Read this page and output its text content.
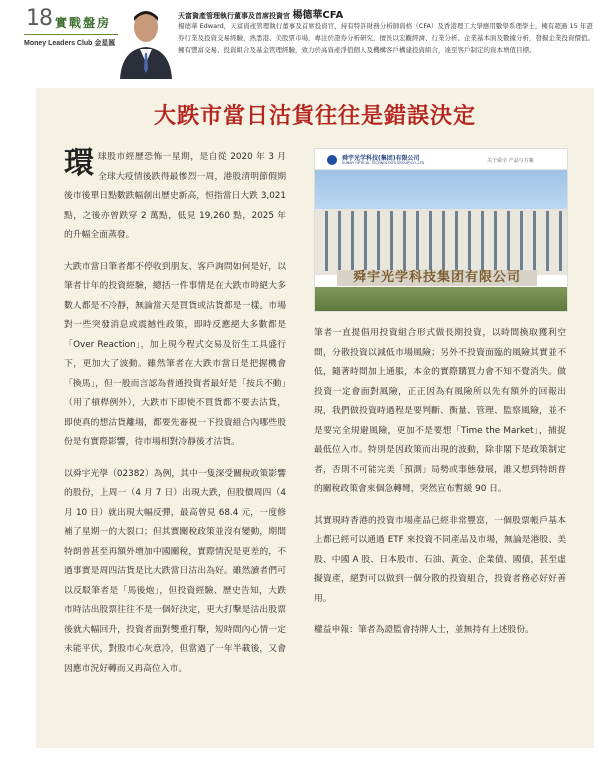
18 實戰盤房
Money Leaders Club 金星匯
天富資產管理執行董事及首席投資官 楊德華CFA
楊德華 Edward，天富資產管理執行董事及首席投資官，持有特許財務分析師資格（CFA）及香港理工大學應用數學系理學士，擁有超過 15 年證券行業及投資交易經驗，熟悉港、美股票市場，專注於證券分析研究，擅長以宏觀經濟、行業分析、企業基本面及數據分析，發掘企業投資價值。擁有豐富交易、投資組合及基金管理經驗，致力於高資產淨值個人及機構客戶構建投資組合，達至客戶制定的資本增值目標。
大跌市當日沽貨往往是錯誤決定

環 球股市經歷恐怖一星期，是自從 2020 年 3 月全球大疫情後跌得最慘烈一周，港股清明節假期後市後單日點數跌幅創出歷史新高，恒指當日大跌 3,021 點，之後亦曾跌穿 2 萬點，低見 19,260 點，2025 年的升幅全面蒸發。

大跌市當日筆者都不停收到朋友、客戶詢問如何是好，以筆者廿年的投資經驗，總括一件事情是在大跌市時絕大多數人都是不冷靜，無論當天是買貨或沽貨都是一樣。市場對一些突發消息或震撼性政策，即時反應絕大多數都是「Over Reaction」，加上現今程式交易及衍生工具盛行下，更加大了波動。雖然筆者在大跌市當日是把握機會「換馬」，但一般而言認為普通投資者最好是「按兵不動」（用了槓桿例外），大跌市下即使不買貨都不要去沽貨，即使真的想沽貨離場，都要先審視一下投資組合內哪些股份是有實際影響，待市場相對冷靜後才沽貨。

以舜宇光學（02382）為例，其中一隻深受關稅政策影響的股份，上周一（4 月 7 日）出現大跌，但股價周四（4 月 10 日）就出現大幅反彈，最高曾見 68.4 元，一度修補了星期一的大裂口；但其實關稅政策並沒有變動，期間特朗普甚至再額外增加中國關稅，實際情況是更差的，不過事實是周四沽貨是比大跌當日沽出為好。雖然讀者們可以反駁筆者是「馬後炮」，但投資經驗、歷史告知，大跌市時沽出股票往往不是一個好決定，更大打擊是沽出股票後就大幅回升，投資者面對雙重打擊，短時間內心情一定未能平伏，對股市心灰意冷，但當過了一年半載後，又會因應市況好轉而又再高位入市。

舜宇光学科技(集团)有限公司
SUNNY OPTICAL TECHNOLOGY(GROUP)CO.,LTD	关于舜宇 产品与方案
舜宇光学科技集团有限公司

筆者一直提倡用投資組合形式做長期投資，以時間換取獲利空間，分散投資以減低市場風險；另外不投資面臨的風險其實並不低，隨著時間加上通脹，本金的實際購買力會不知不覺消失。做投資一定會面對風險，正正因為有風險所以先有額外的回報出現，我們做投資時過程是要判斷、衡量、管理、監察風險，並不是要完全規避風險，更加不是要想「Time the Market」，捕捉最低位入市。特別是因政策而出現的波動，除非閣下是政策制定者，否則不可能完美「預測」局勢或事態發展，誰又想到特朗普的關稅政策會來個急轉彎，突然宣布暫緩 90 日。

其實現時香港的投資市場產品已經非常豐富，一個股票帳戶基本上都已經可以通過 ETF 來投資不同產品及市場，無論是港股、美股、中國 A 股、日本股市、石油、黃金、企業債、國債，甚至虛擬資產，絕對可以做到一個分散的投資組合，投資者務必好好善用。

權益申報：筆者為證監會持牌人士，並無持有上述股份。
